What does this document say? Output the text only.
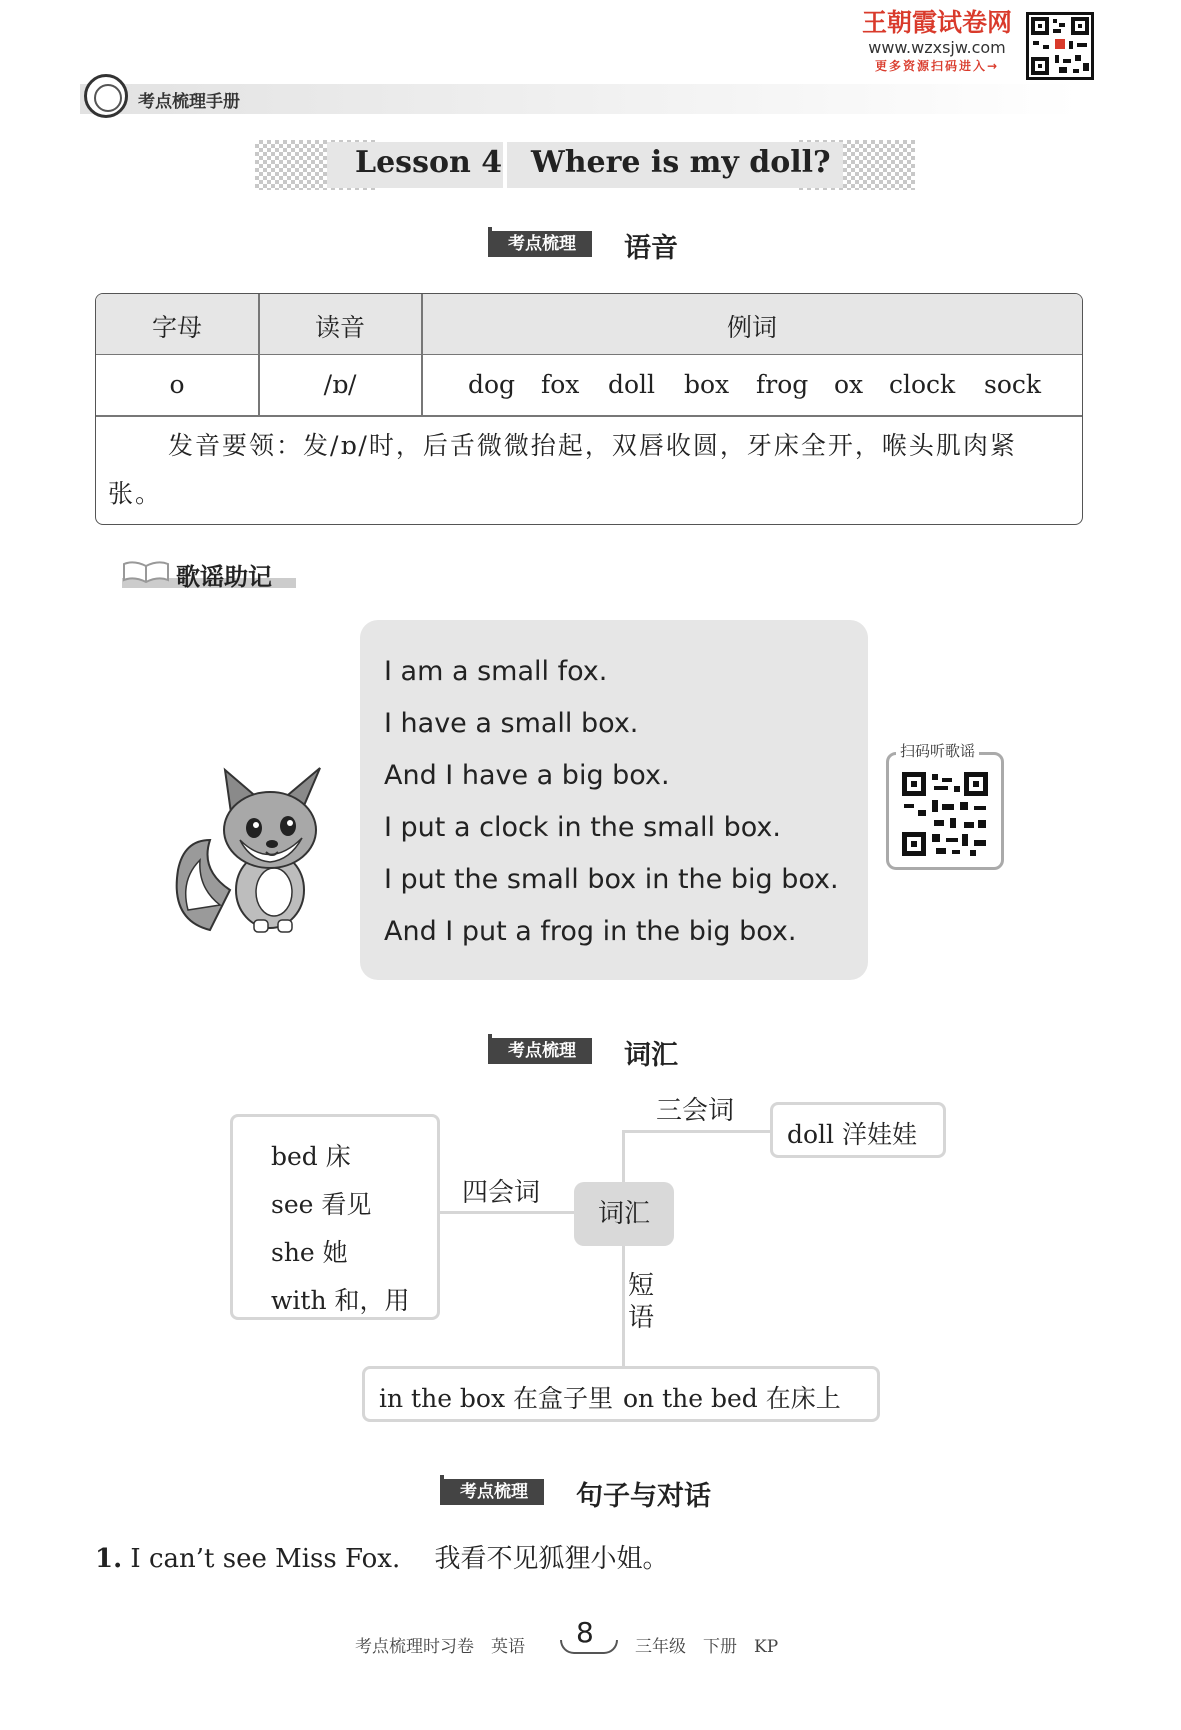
考点梳理手册
王朝霞试卷网
www.wzxsjw.com
更多资源扫码进入→
Lesson 4 Where is my doll?
考点梳理	语音
字母	读音	例词
o	/ɒ/	dog fox doll box frog ox clock sock
发音要领：发/ɒ/时，后舌微微抬起，双唇收圆，牙床全开，喉头肌肉紧张。
歌谣助记
I am a small fox.
I have a small box.
And I have a big box.
I put a clock in the small box.
I put the small box in the big box.
And I put a frog in the big box.
扫码听歌谣
考点梳理	词汇
bed 床
see 看见
she 她
with 和，用
四会词
三会词
短语
词汇
doll 洋娃娃
in the box 在盒子里 on the bed 在床上
考点梳理	句子与对话
1. I can’t see Miss Fox. 我看不见狐狸小姐。
考点梳理时习卷　英语 8 三年级　下册　KP
